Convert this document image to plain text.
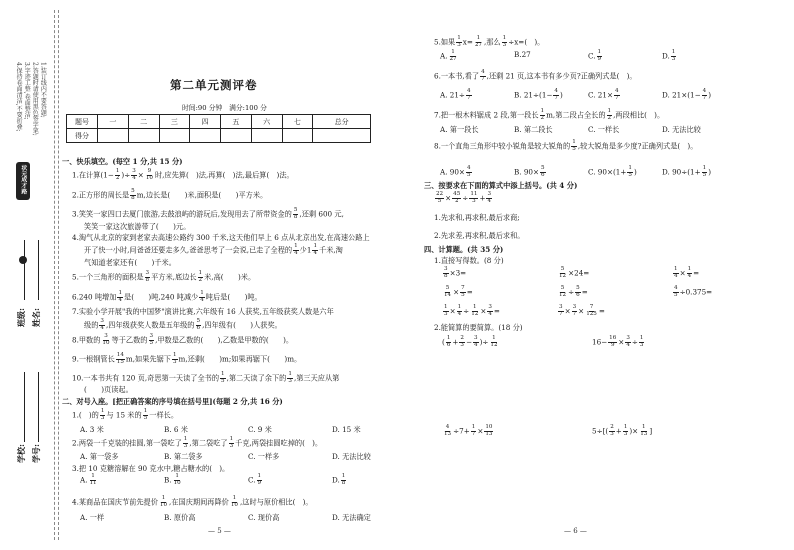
1.装订线内不要答题;
2.答题时请使用黑色签字笔;
3.字迹工整,卷面整洁;
4.保持卷面清洁,不要折叠;
状元成才路
班级: 姓名:
学校: 学号:
第二单元测评卷
时间:90 分钟　满分:100 分
题号	一	二	三	四	五	六	七	总分
得分								
一、快乐填空。(每空 1 分,共 15 分)
1.在计算($1- \frac{1}{2}$ )÷ $\frac{3}{4} \times \frac{9}{10}$ 时,应先算(　 )法,再算(　 )法,最后算(　 )法。
2.正方形的周长是 $\frac{5}{8} m$,边长是(　　 )米,面积是(　　 )平方米。
3.笑笑一家四口去厦门旅游,去鼓浪屿的游玩后,发现用去了所带资金的 $\frac{5}{8}$ ,还剩 600 元,
笑笑一家这次旅游带了(　　 )元。
4.淘气从北京的家到老家去高速公路约 300 千米,这天他们早上 6 点从北京出发,在高速公路上
开了快一小时,问爸爸还要走多久,爸爸思考了一会说,已走了全程的 $\frac{1}{4}$ 少$1 \frac{1}{4}$ 千米,淘
气知道老家还有(　　 )千米。
5.一个三角形的面积是 $\frac{3}{8}$ 平方米,底边长 $\frac{1}{2}$ 米,高(　　 )米。
6.240 吨增加 $\frac{1}{4}$ 是(　　 )吨,240 吨减少 $\frac{1}{4}$ 吨后是(　　 )吨。
7.实验小学开展"我的中国梦"演讲比赛,六年级有 16 人获奖,五年级获奖人数是六年
级的 $\frac{3}{4}$ ,四年级获奖人数是五年级的 $\frac{5}{6}$ ,四年级有(　　 )人获奖。
8.甲数的 $\frac{3}{10}$ 等于乙数的 $\frac{3}{5}$ ,甲数是乙数的(　　 ),乙数是甲数的(　　 )。
9.一根钢管长 $\frac{14}{15} m$,如果先锯下 $\frac{1}{3} m$,还剩(　　 )m;如果再锯下(　　 )m。
10.一本书共有 120 页,奇思第一天读了全书的 $\frac{1}{5}$ ,第二天读了余下的 $\frac{1}{3}$ ,第三天应从第
(　　 )页读起。
二、对号入座。[把正确答案的序号填在括号里](每题 2 分,共 16 分)
1.(　)的 $\frac{1}{3}$ 与 15 米的 $\frac{1}{5}$ 一样长。
A. 3 米	B. 6 米	C. 9 米	D. 15 米
2.两袋一千克装的挂圆,第一袋吃了 $\frac{1}{3}$ ,第二袋吃了 $\frac{1}{3}$ 千克,两袋挂圆吃掉的(　 )。
A. 第一袋多	B. 第二袋多	C. 一样多	D. 无法比较
3.把 10 克糖溶解在 90 克水中,糖占糖水的(　 )。
A. $\frac{1}{11}$	B. $\frac{1}{10}$	C. $\frac{1}{9}$	D. $\frac{1}{8}$
4.某商品在国庆节前先提价 $\frac{1}{10}$ ,在国庆期间再降价 $\frac{1}{10}$ ,这时与原价相比(　 )。
A. 一样	B. 原价高	C. 现价高	D. 无法确定
— 5 —
5.如果 $\frac{1}{3} x= \frac{1}{27}$ ,那么 $\frac{1}{3} \div x=$(　 )。
A. $\frac{1}{27}$	B.27	C. $\frac{1}{9}$	D. $\frac{1}{3}$
6.一本书,看了 $\frac{4}{7}$ ,还剩 21 页,这本书有多少页?正确列式是(　 )。
A. $21\div \frac{4}{7}$	B. $21\div(1- \frac{4}{7}$ )	C. $21\times \frac{4}{7}$	D. $21\times(1- \frac{4}{7}$ )
7.把一根木料锯成 2 段,第一段长 $\frac{1}{2} m$,第二段占全长的 $\frac{1}{2}$ ,两段相比(　 )。
A. 第一段长	B. 第二段长	C. 一样长	D. 无法比较
8.一个直角三角形中较小锐角是较大锐角的 $\frac{1}{5}$ ,较大锐角是多少度?正确列式是(　 )。
A. $90\times \frac{4}{5}$	B. $90\times \frac{5}{6}$	C. $90\times(1+ \frac{1}{5}$ )	D. $90\div(1+ \frac{1}{5}$ )
三、按要求在下面的算式中添上括号。(共 4 分)
$\frac{22}{5} \times \frac{45}{2} \div \frac{11}{3} + \frac{3}{4}$
1.先求和,再求积,最后求商;
2.先求差,再求积,最后求和。
四、计算题。(共 35 分)
1.直接写得数。(8 分)
$\frac{3}{8} \times 3=$	$\frac{5}{12} \times 24=$	$\frac{1}{4} \times \frac{1}{4}$ =
$\frac{5}{14} \times \frac{7}{5}$ =	$\frac{5}{12} \div \frac{5}{6}$ =	$\frac{4}{5} \div 0.375=$
$\frac{1}{3} \times \frac{1}{4} \div \frac{1}{12} \times \frac{3}{4}$ =	$\frac{3}{7} \times \frac{3}{7} \times \frac{7}{125}$ =
2.能简算的要简算。(18 分)
( $\frac{1}{6} + \frac{2}{3} - \frac{3}{4}$ )÷ $\frac{1}{12}$	$16- \frac{16}{9} \times \frac{3}{4} \div \frac{1}{3}$
$\frac{4}{13} \div 7+ \frac{1}{7} \times \frac{10}{13}$	$5\div[( \frac{2}{3} + \frac{1}{3}$ )× $\frac{1}{13}$ ]
— 6 —
